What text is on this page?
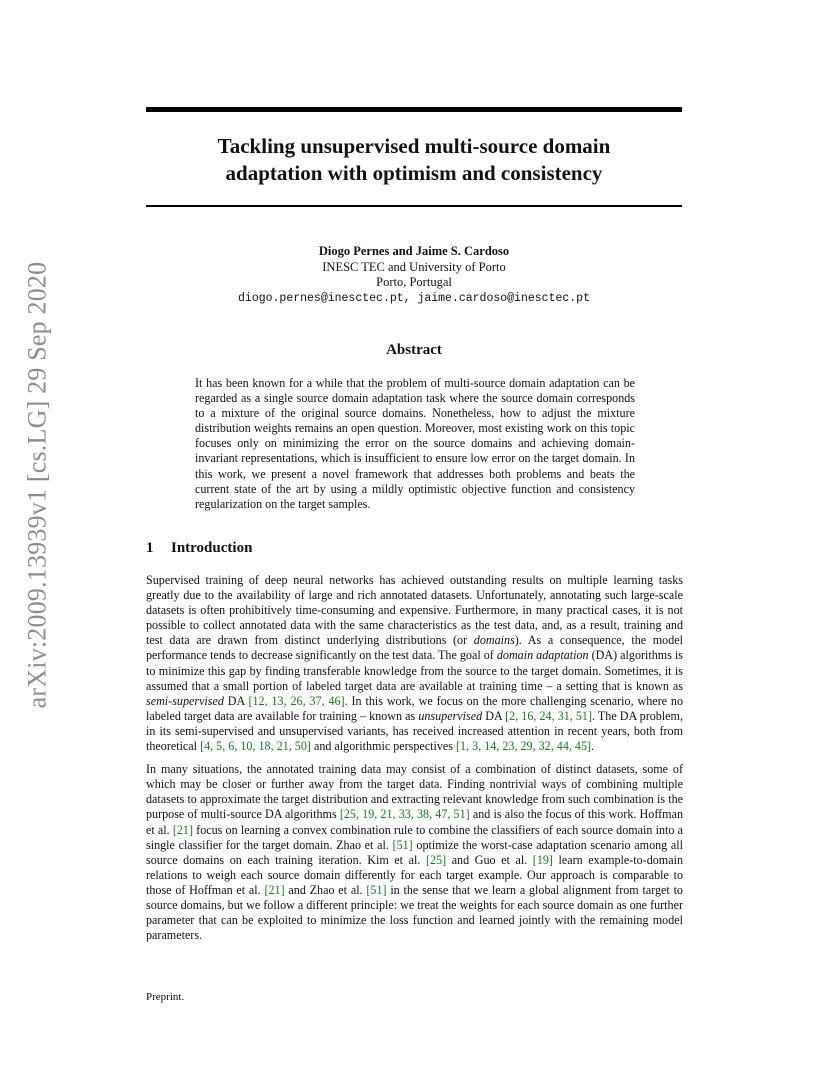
arXiv:2009.13939v1 [cs.LG] 29 Sep 2020
Tackling unsupervised multi-source domain
adaptation with optimism and consistency
Diogo Pernes and Jaime S. Cardoso
INESC TEC and University of Porto
Porto, Portugal
diogo.pernes@inesctec.pt, jaime.cardoso@inesctec.pt
Abstract
It has been known for a while that the problem of multi-source domain adaptation can be regarded as a single source domain adaptation task where the source domain corresponds to a mixture of the original source domains. Nonetheless, how to adjust the mixture distribution weights remains an open question. Moreover, most existing work on this topic focuses only on minimizing the error on the source domains and achieving domain-invariant representations, which is insufficient to ensure low error on the target domain. In this work, we present a novel framework that addresses both problems and beats the current state of the art by using a mildly optimistic objective function and consistency regularization on the target samples.
1 Introduction

Supervised training of deep neural networks has achieved outstanding results on multiple learning tasks greatly due to the availability of large and rich annotated datasets. Unfortunately, annotating such large-scale datasets is often prohibitively time-consuming and expensive. Furthermore, in many practical cases, it is not possible to collect annotated data with the same characteristics as the test data, and, as a result, training and test data are drawn from distinct underlying distributions (or domains). As a consequence, the model performance tends to decrease significantly on the test data. The goal of domain adaptation (DA) algorithms is to minimize this gap by finding transferable knowledge from the source to the target domain. Sometimes, it is assumed that a small portion of labeled target data are available at training time – a setting that is known as semi-supervised DA [12, 13, 26, 37, 46]. In this work, we focus on the more challenging scenario, where no labeled target data are available for training – known as unsupervised DA [2, 16, 24, 31, 51]. The DA problem, in its semi-supervised and unsupervised variants, has received increased attention in recent years, both from theoretical [4, 5, 6, 10, 18, 21, 50] and algorithmic perspectives [1, 3, 14, 23, 29, 32, 44, 45].

In many situations, the annotated training data may consist of a combination of distinct datasets, some of which may be closer or further away from the target data. Finding nontrivial ways of combining multiple datasets to approximate the target distribution and extracting relevant knowledge from such combination is the purpose of multi-source DA algorithms [25, 19, 21, 33, 38, 47, 51] and is also the focus of this work. Hoffman et al. [21] focus on learning a convex combination rule to combine the classifiers of each source domain into a single classifier for the target domain. Zhao et al. [51] optimize the worst-case adaptation scenario among all source domains on each training iteration. Kim et al. [25] and Guo et al. [19] learn example-to-domain relations to weigh each source domain differently for each target example. Our approach is comparable to those of Hoffman et al. [21] and Zhao et al. [51] in the sense that we learn a global alignment from target to source domains, but we follow a different principle: we treat the weights for each source domain as one further parameter that can be exploited to minimize the loss function and learned jointly with the remaining model parameters.

Preprint.
